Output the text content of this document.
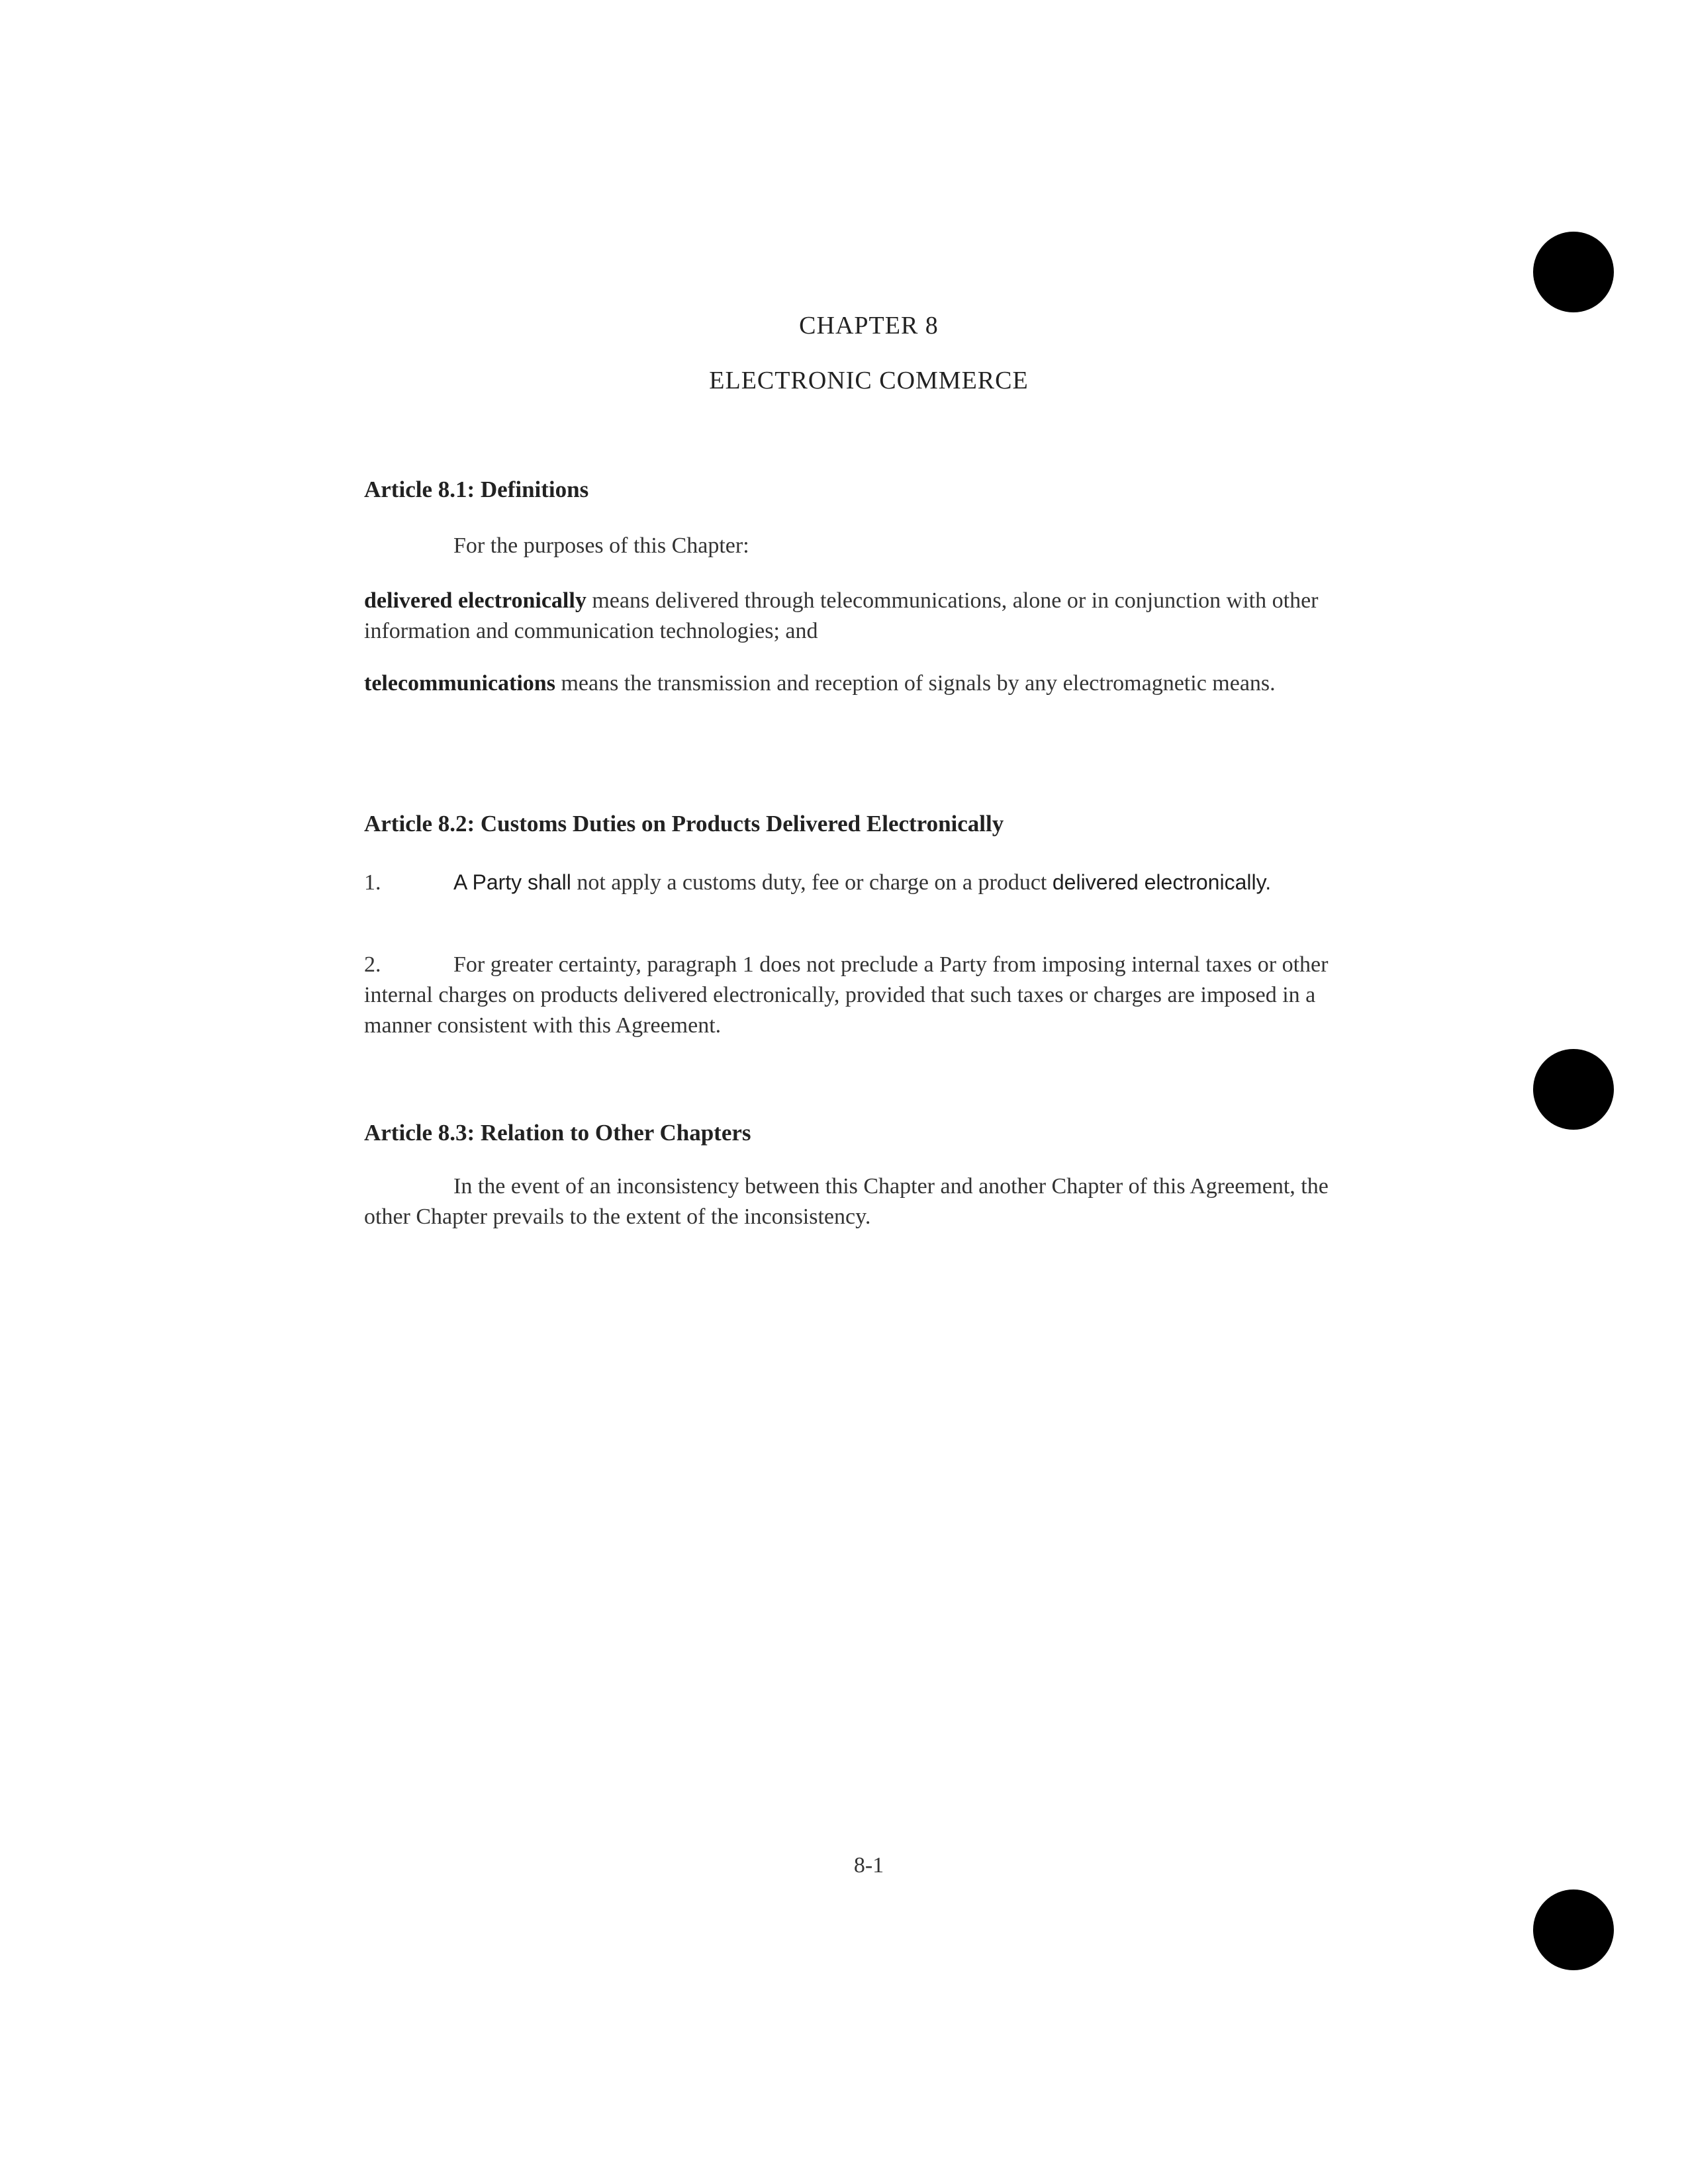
CHAPTER 8
ELECTRONIC COMMERCE
Article 8.1: Definitions
For the purposes of this Chapter:
delivered electronically means delivered through telecommunications, alone or in conjunction with other information and communication technologies; and
telecommunications means the transmission and reception of signals by any electromagnetic means.
Article 8.2: Customs Duties on Products Delivered Electronically
1.	A Party shall not apply a customs duty, fee or charge on a product delivered electronically.
2.	For greater certainty, paragraph 1 does not preclude a Party from imposing internal taxes or other internal charges on products delivered electronically, provided that such taxes or charges are imposed in a manner consistent with this Agreement.
Article 8.3: Relation to Other Chapters
In the event of an inconsistency between this Chapter and another Chapter of this Agreement, the other Chapter prevails to the extent of the inconsistency.
8-1
